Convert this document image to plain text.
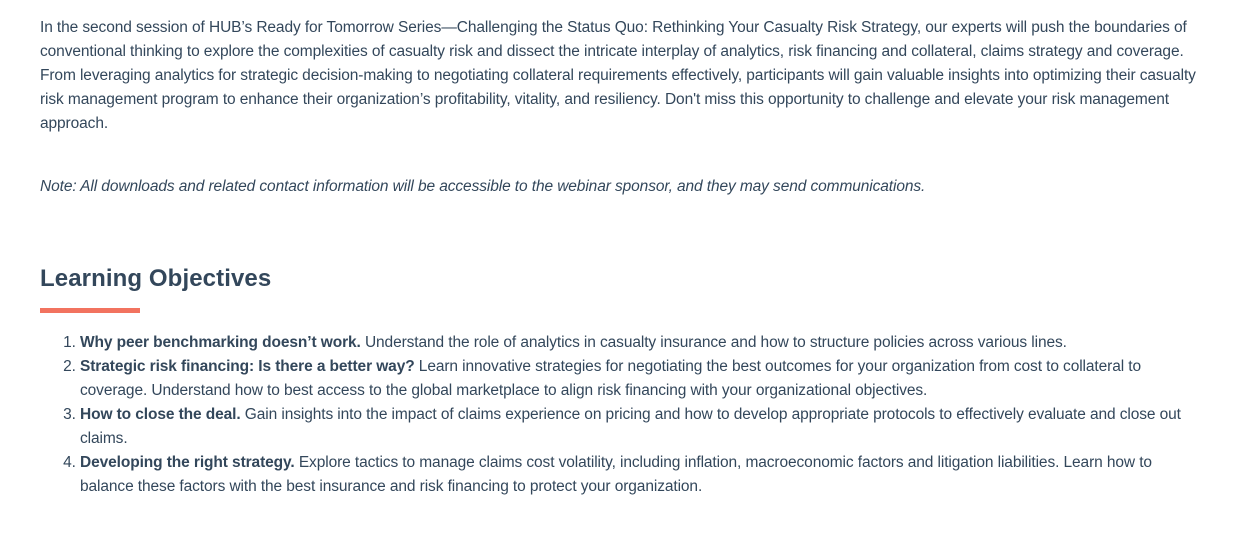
In the second session of HUB’s Ready for Tomorrow Series—Challenging the Status Quo: Rethinking Your Casualty Risk Strategy, our experts will push the boundaries of conventional thinking to explore the complexities of casualty risk and dissect the intricate interplay of analytics, risk financing and collateral, claims strategy and coverage. From leveraging analytics for strategic decision-making to negotiating collateral requirements effectively, participants will gain valuable insights into optimizing their casualty risk management program to enhance their organization’s profitability, vitality, and resiliency. Don't miss this opportunity to challenge and elevate your risk management approach.

Note: All downloads and related contact information will be accessible to the webinar sponsor, and they may send communications.

Learning Objectives
1. Why peer benchmarking doesn’t work. Understand the role of analytics in casualty insurance and how to structure policies across various lines.
2. Strategic risk financing: Is there a better way? Learn innovative strategies for negotiating the best outcomes for your organization from cost to collateral to coverage. Understand how to best access to the global marketplace to align risk financing with your organizational objectives.
3. How to close the deal. Gain insights into the impact of claims experience on pricing and how to develop appropriate protocols to effectively evaluate and close out claims.
4. Developing the right strategy. Explore tactics to manage claims cost volatility, including inflation, macroeconomic factors and litigation liabilities. Learn how to balance these factors with the best insurance and risk financing to protect your organization.
